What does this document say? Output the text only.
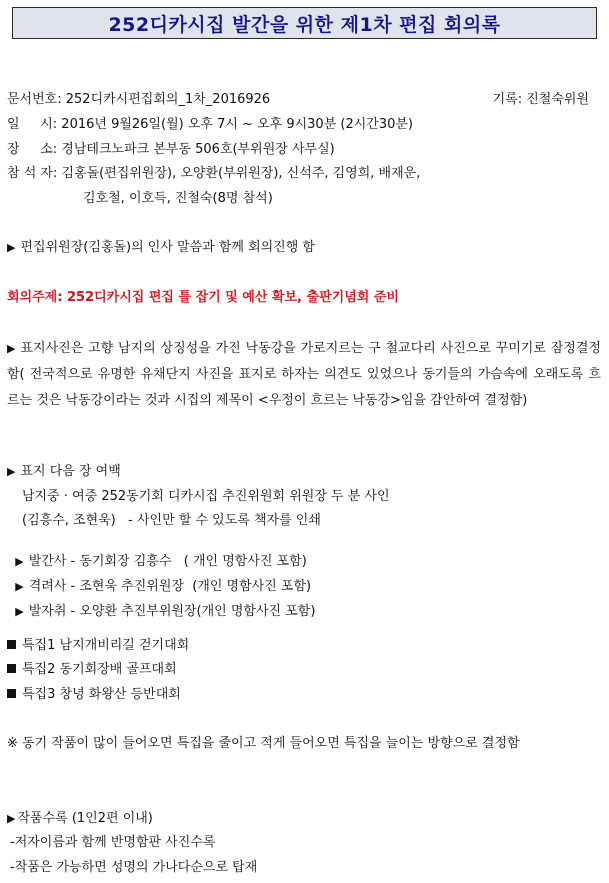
252디카시집 발간을 위한 제1차 편집 회의록
문서번호: 252디카시편집회의_1차_2016926	기록: 진철숙위원
일     시: 2016년 9월26일(월) 오후 7시 ~ 오후 9시30분 (2시간30분)
장     소: 경남테크노파크 본부동 506호(부위원장 사무실)
참 석 자: 김홍돌(편집위원장), 오양환(부위원장), 신석주, 김영희, 배재운,
김호철, 이호득, 진철숙(8명 참석)
▶ 편집위원장(김홍돌)의 인사 말씀과 함께 회의진행 함
회의주제: 252디카시집 편집 틀 잡기 및 예산 확보, 출판기념회 준비
▶ 표지사진은 고향 남지의 상징성을 가진 낙동강을 가로지르는 구 철교다리 사진으로 꾸미기로 잠정결정함( 전국적으로 유명한 유채단지 사진을 표지로 하자는 의견도 있었으나 동기들의 가슴속에 오래도록 흐르는 것은 낙동강이라는 것과 시집의 제목이 <우정이 흐르는 낙동강>임을 감안하여 결정함)
▶ 표지 다음 장 여백
남지중 · 여중 252동기회 디카시집 추진위원회 위원장 두 분 사인
(김흥수, 조현욱)   - 사인만 할 수 있도록 책자를 인쇄

▶ 발간사 - 동기회장 김흥수   ( 개인 명함사진 포함)

▶ 격려사 - 조현욱 추진위원장  (개인 명함사진 포함)

▶ 발자취 - 오양환 추진부위원장(개인 명함사진 포함)

특집1 남지개비리길 걷기대회
특집2 동기회장배 골프대회
특집3 창녕 화왕산 등반대회
※ 동기 작품이 많이 들어오면 특집을 줄이고 적게 들어오면 특집을 늘이는 방향으로 결정함
▶ 작품수록 (1인2편 이내)
-저자이름과 함께 반명함판 사진수록
-작품은 가능하면 성명의 가나다순으로 탑재
